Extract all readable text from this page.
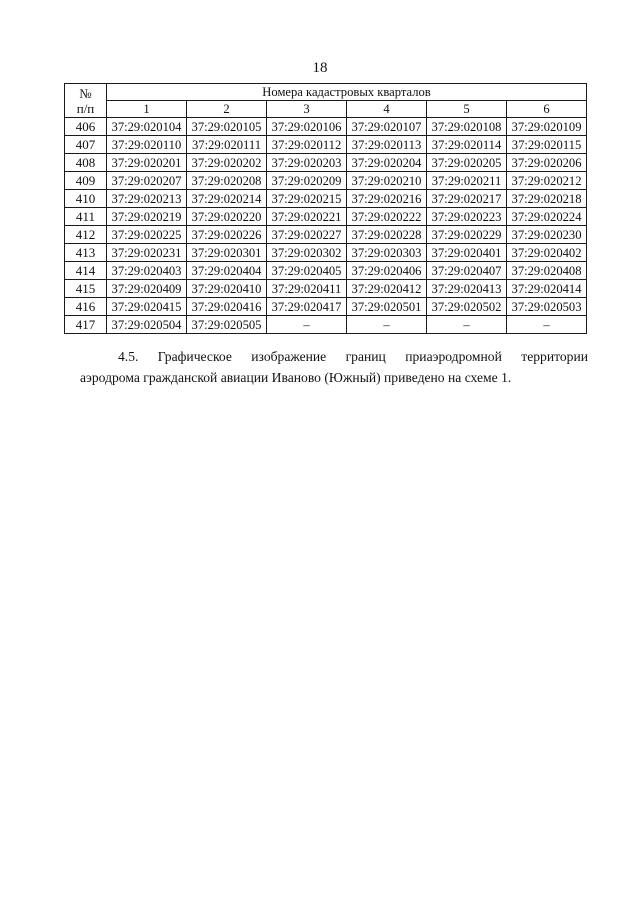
18
№
п/п	Номера кадастровых кварталов					
	1	2	3	4	5	6
406	37:29:020104	37:29:020105	37:29:020106	37:29:020107	37:29:020108	37:29:020109
407	37:29:020110	37:29:020111	37:29:020112	37:29:020113	37:29:020114	37:29:020115
408	37:29:020201	37:29:020202	37:29:020203	37:29:020204	37:29:020205	37:29:020206
409	37:29:020207	37:29:020208	37:29:020209	37:29:020210	37:29:020211	37:29:020212
410	37:29:020213	37:29:020214	37:29:020215	37:29:020216	37:29:020217	37:29:020218
411	37:29:020219	37:29:020220	37:29:020221	37:29:020222	37:29:020223	37:29:020224
412	37:29:020225	37:29:020226	37:29:020227	37:29:020228	37:29:020229	37:29:020230
413	37:29:020231	37:29:020301	37:29:020302	37:29:020303	37:29:020401	37:29:020402
414	37:29:020403	37:29:020404	37:29:020405	37:29:020406	37:29:020407	37:29:020408
415	37:29:020409	37:29:020410	37:29:020411	37:29:020412	37:29:020413	37:29:020414
416	37:29:020415	37:29:020416	37:29:020417	37:29:020501	37:29:020502	37:29:020503
417	37:29:020504	37:29:020505	–	–	–	–
4.5. Графическое изображение границ приаэродромной территории
аэродрома гражданской авиации Иваново (Южный) приведено на схеме 1.
